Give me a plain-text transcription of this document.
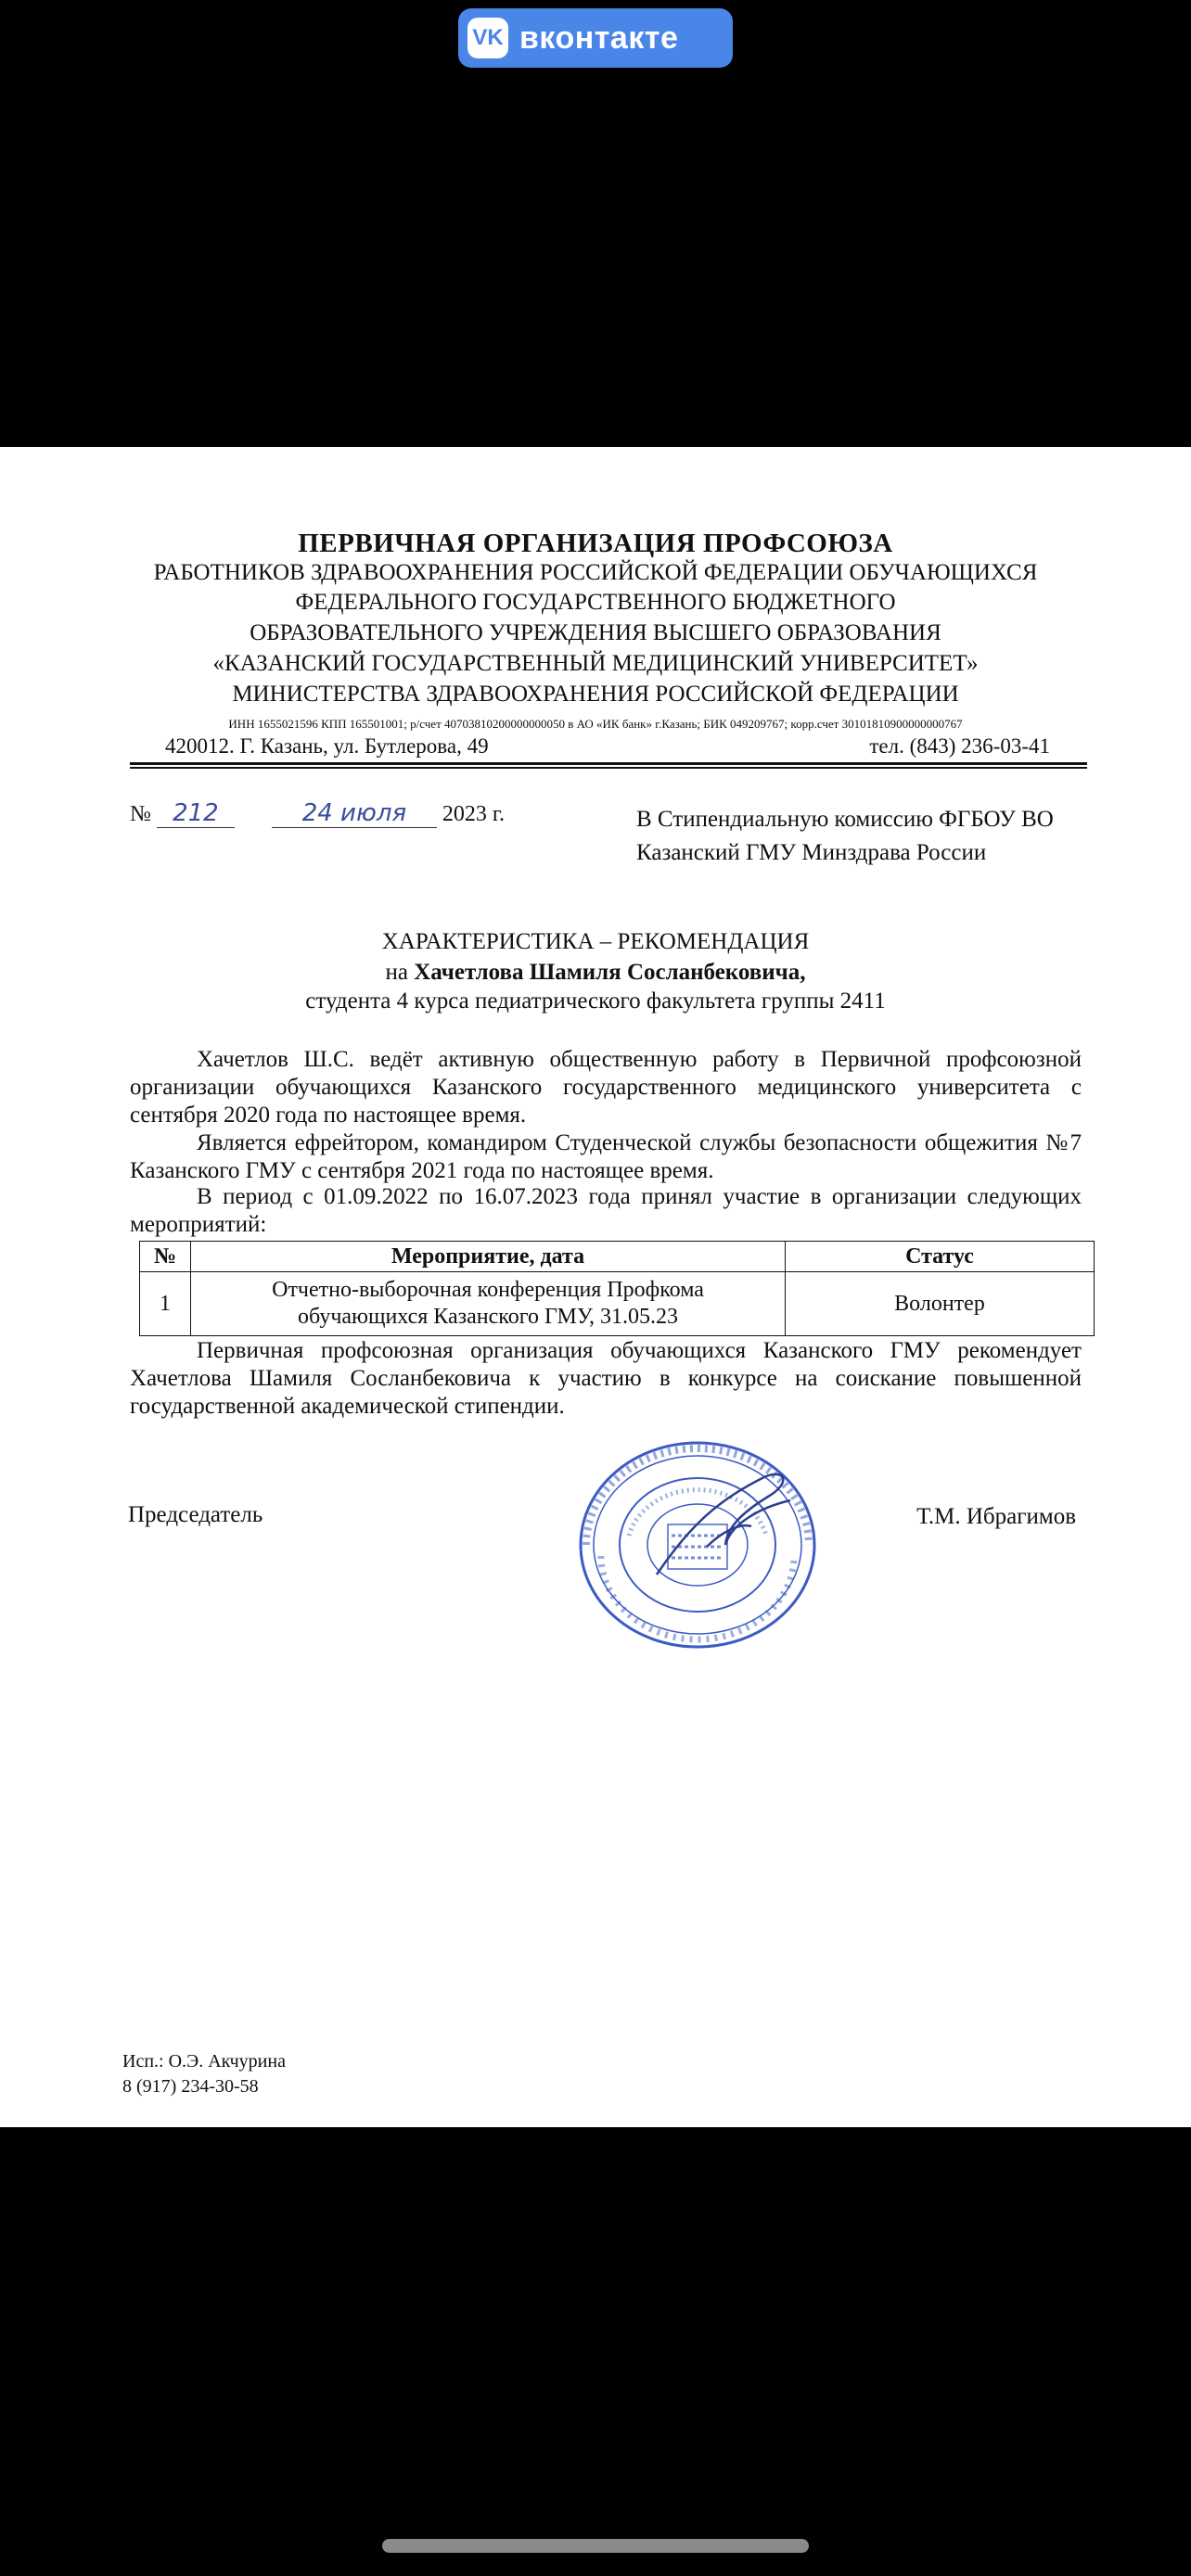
VK вконтакте
ПЕРВИЧНАЯ ОРГАНИЗАЦИЯ ПРОФСОЮЗА
РАБОТНИКОВ ЗДРАВООХРАНЕНИЯ РОССИЙСКОЙ ФЕДЕРАЦИИ ОБУЧАЮЩИХСЯ
ФЕДЕРАЛЬНОГО ГОСУДАРСТВЕННОГО БЮДЖЕТНОГО
ОБРАЗОВАТЕЛЬНОГО УЧРЕЖДЕНИЯ ВЫСШЕГО ОБРАЗОВАНИЯ
«КАЗАНСКИЙ ГОСУДАРСТВЕННЫЙ МЕДИЦИНСКИЙ УНИВЕРСИТЕТ»
МИНИСТЕРСТВА ЗДРАВООХРАНЕНИЯ РОССИЙСКОЙ ФЕДЕРАЦИИ
ИНН 1655021596 КПП 165501001; р/счет 40703810200000000050 в АО «ИК банк» г.Казань; БИК 049209767; корр.счет 30101810900000000767
420012. Г. Казань, ул. Бутлерова, 49	тел. (843) 236-03-41
№ 212	24 июля 2023 г.	В Стипендиальную комиссию ФГБОУ ВО
Казанский ГМУ Минздрава России
ХАРАКТЕРИСТИКА – РЕКОМЕНДАЦИЯ
на Хачетлова Шамиля Сосланбековича,
студента 4 курса педиатрического факультета группы 2411
Хачетлов Ш.С. ведёт активную общественную работу в Первичной профсоюзной организации обучающихся Казанского государственного медицинского университета с сентября 2020 года по настоящее время.
Является ефрейтором, командиром Студенческой службы безопасности общежития №7 Казанского ГМУ с сентября 2021 года по настоящее время.
В период с 01.09.2022 по 16.07.2023 года принял участие в организации следующих мероприятий:
№	Мероприятие, дата	Статус
1	Отчетно-выборочная конференция Профкома
обучающихся Казанского ГМУ, 31.05.23	Волонтер
Первичная профсоюзная организация обучающихся Казанского ГМУ рекомендует Хачетлова Шамиля Сосланбековича к участию в конкурсе на соискание повышенной государственной академической стипендии.
Председатель	Т.М. Ибрагимов
Исп.: О.Э. Акчурина
8 (917) 234-30-58
